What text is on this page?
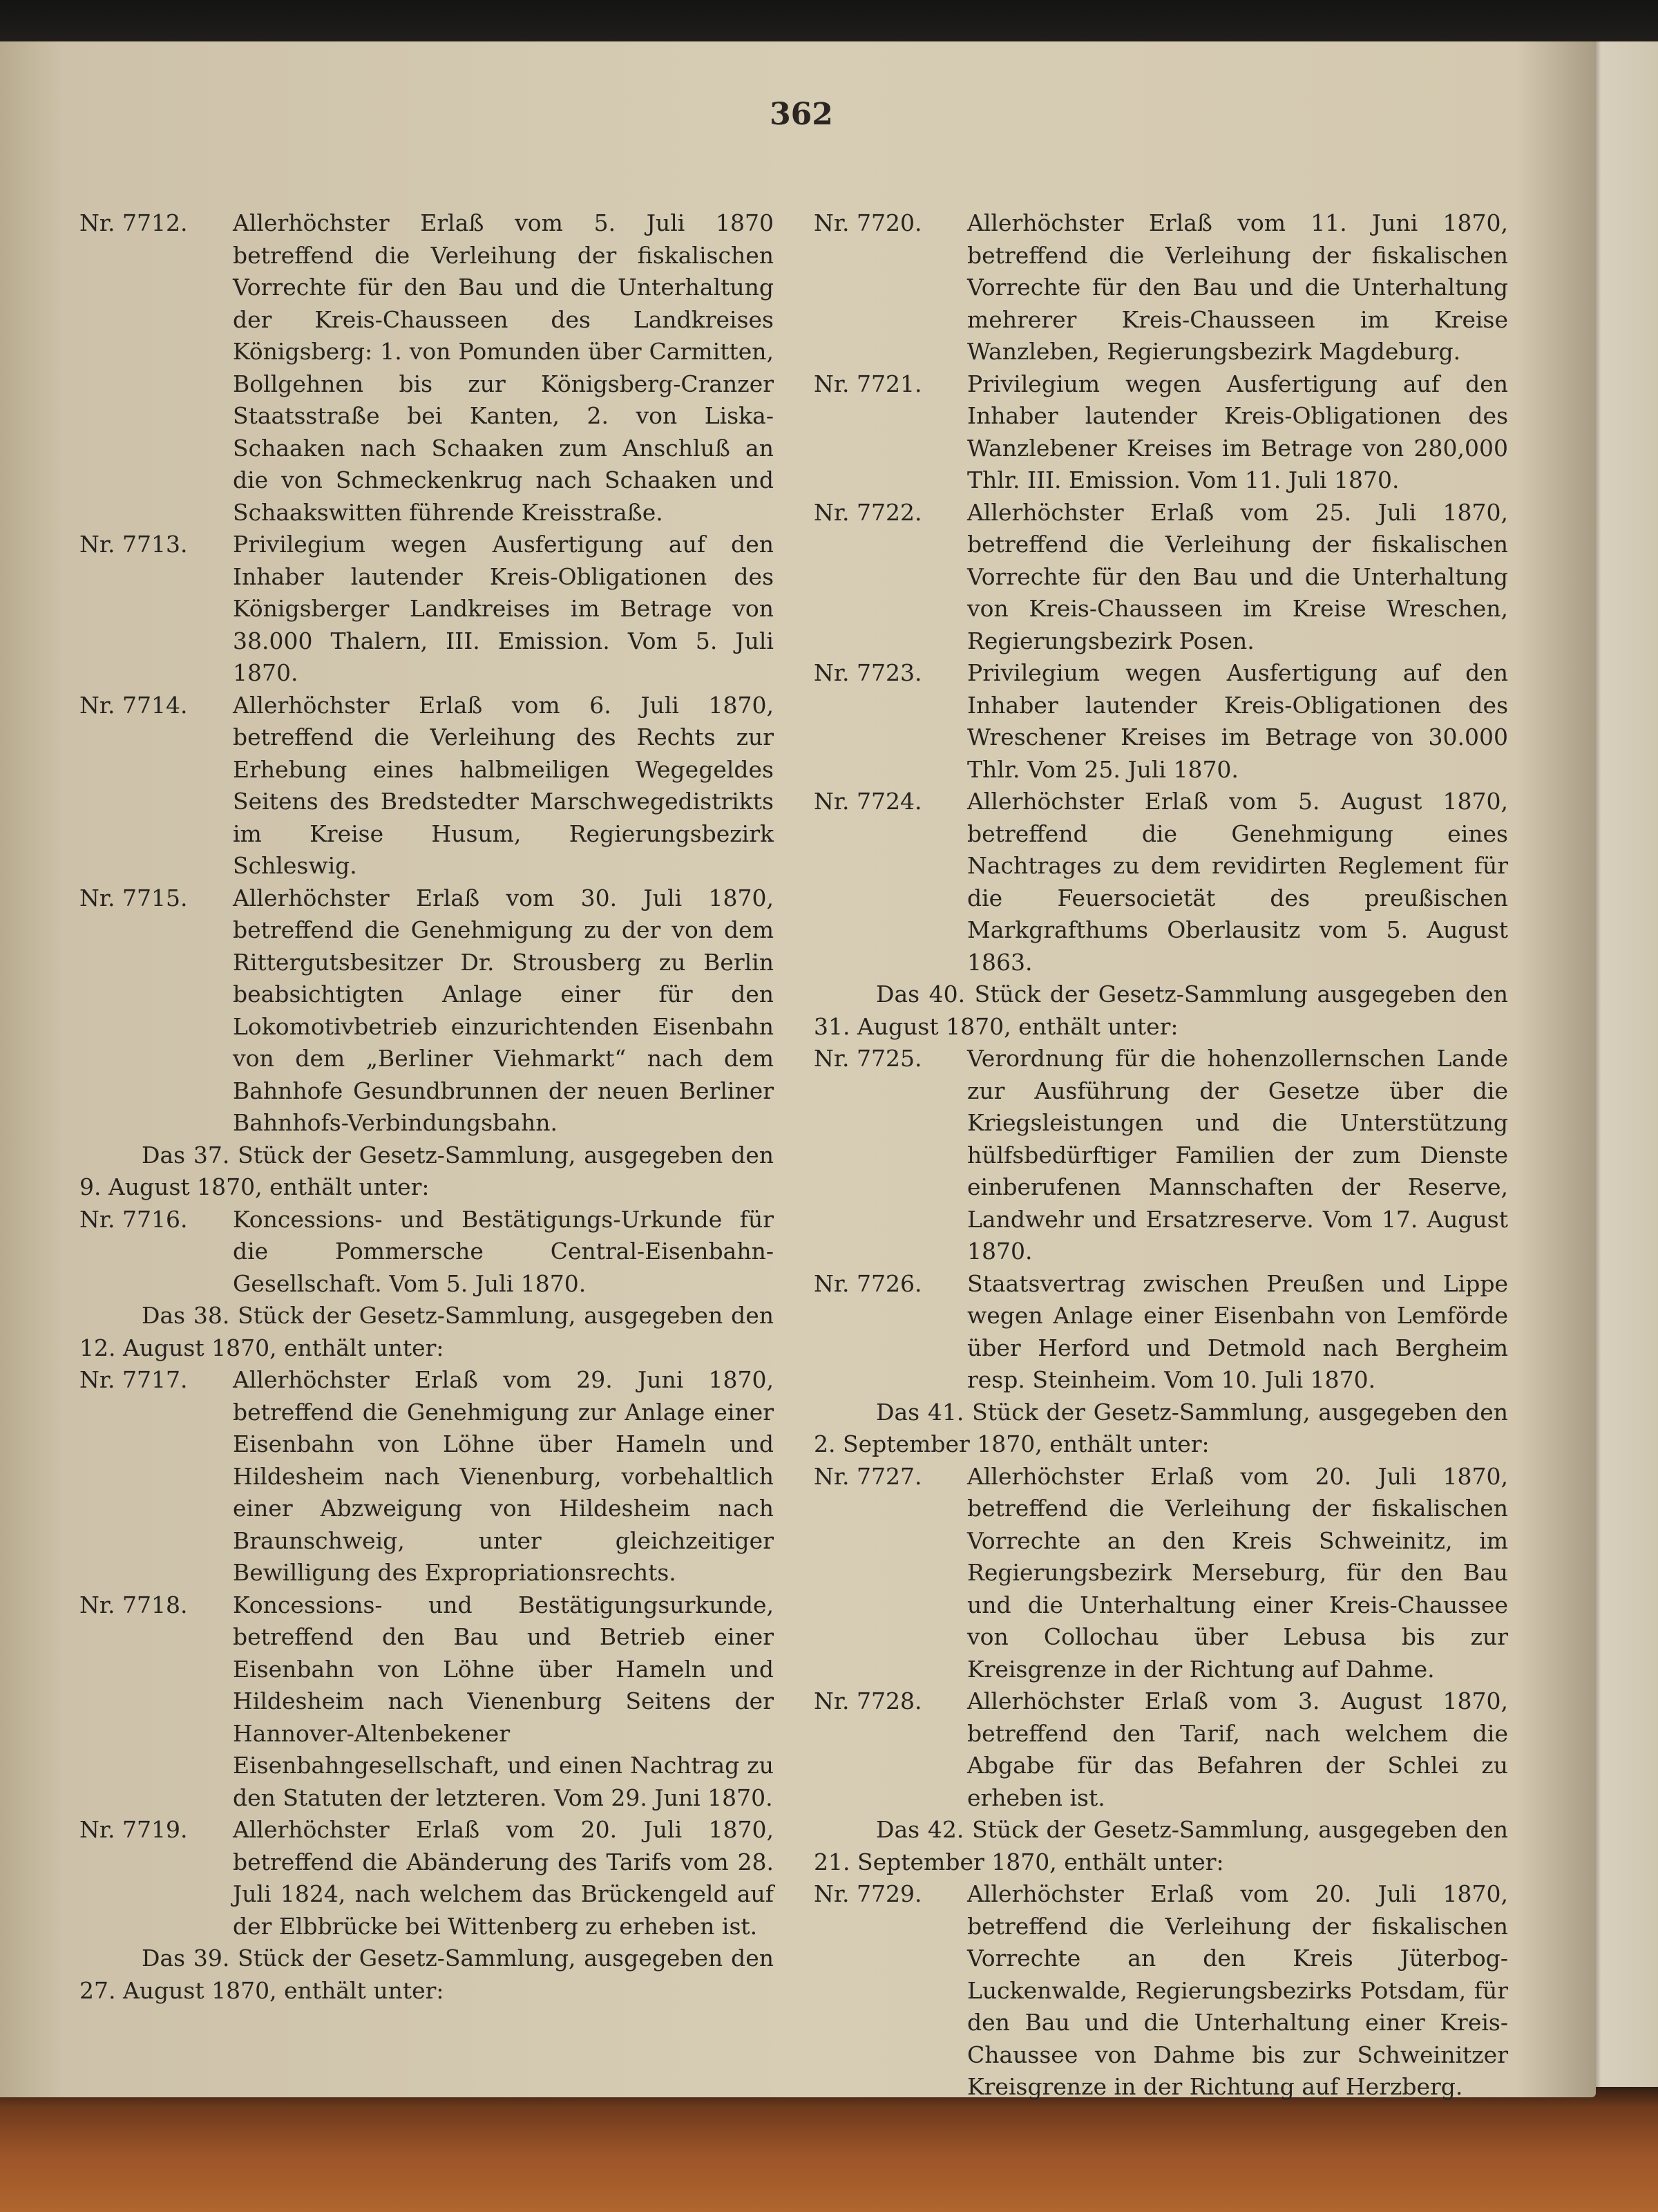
362
Nr. 7712. Allerhöchster Erlaß vom 5. Juli 1870 betreffend die Verleihung der fiskalischen Vorrechte für den Bau und die Unterhaltung der Kreis-Chausseen des Landkreises Königsberg: 1. von Pomunden über Carmitten, Bollgehnen bis zur Königsberg-Cranzer Staatsstraße bei Kanten, 2. von Liska-Schaaken nach Schaaken zum Anschluß an die von Schmeckenkrug nach Schaaken und Schaakswitten führende Kreisstraße.
Nr. 7713. Privilegium wegen Ausfertigung auf den Inhaber lautender Kreis-Obligationen des Königsberger Landkreises im Betrage von 38.000 Thalern, III. Emission. Vom 5. Juli 1870.
Nr. 7714. Allerhöchster Erlaß vom 6. Juli 1870, betreffend die Verleihung des Rechts zur Erhebung eines halbmeiligen Wegegeldes Seitens des Bredstedter Marschwegedistrikts im Kreise Husum, Regierungsbezirk Schleswig.
Nr. 7715. Allerhöchster Erlaß vom 30. Juli 1870, betreffend die Genehmigung zu der von dem Rittergutsbesitzer Dr. Strousberg zu Berlin beabsichtigten Anlage einer für den Lokomotivbetrieb einzurichtenden Eisenbahn von dem „Berliner Viehmarkt“ nach dem Bahnhofe Gesundbrunnen der neuen Berliner Bahnhofs-Verbindungsbahn.
Das 37. Stück der Gesetz-Sammlung, ausgegeben den 9. August 1870, enthält unter:
Nr. 7716. Koncessions- und Bestätigungs-Urkunde für die Pommersche Central-Eisenbahn-Gesellschaft. Vom 5. Juli 1870.
Das 38. Stück der Gesetz-Sammlung, ausgegeben den 12. August 1870, enthält unter:
Nr. 7717. Allerhöchster Erlaß vom 29. Juni 1870, betreffend die Genehmigung zur Anlage einer Eisenbahn von Löhne über Hameln und Hildesheim nach Vienenburg, vorbehaltlich einer Abzweigung von Hildesheim nach Braunschweig, unter gleichzeitiger Bewilligung des Expropriationsrechts.
Nr. 7718. Koncessions- und Bestätigungsurkunde, betreffend den Bau und Betrieb einer Eisenbahn von Löhne über Hameln und Hildesheim nach Vienenburg Seitens der Hannover-Altenbekener Eisenbahngesellschaft, und einen Nachtrag zu den Statuten der letzteren. Vom 29. Juni 1870.
Nr. 7719. Allerhöchster Erlaß vom 20. Juli 1870, betreffend die Abänderung des Tarifs vom 28. Juli 1824, nach welchem das Brückengeld auf der Elbbrücke bei Wittenberg zu erheben ist.
Das 39. Stück der Gesetz-Sammlung, ausgegeben den 27. August 1870, enthält unter:
Nr. 7720. Allerhöchster Erlaß vom 11. Juni 1870, betreffend die Verleihung der fiskalischen Vorrechte für den Bau und die Unterhaltung mehrerer Kreis-Chausseen im Kreise Wanzleben, Regierungsbezirk Magdeburg.
Nr. 7721. Privilegium wegen Ausfertigung auf den Inhaber lautender Kreis-Obligationen des Wanzlebener Kreises im Betrage von 280,000 Thlr. III. Emission. Vom 11. Juli 1870.
Nr. 7722. Allerhöchster Erlaß vom 25. Juli 1870, betreffend die Verleihung der fiskalischen Vorrechte für den Bau und die Unterhaltung von Kreis-Chausseen im Kreise Wreschen, Regierungsbezirk Posen.
Nr. 7723. Privilegium wegen Ausfertigung auf den Inhaber lautender Kreis-Obligationen des Wreschener Kreises im Betrage von 30.000 Thlr. Vom 25. Juli 1870.
Nr. 7724. Allerhöchster Erlaß vom 5. August 1870, betreffend die Genehmigung eines Nachtrages zu dem revidirten Reglement für die Feuersocietät des preußischen Markgrafthums Oberlausitz vom 5. August 1863.
Das 40. Stück der Gesetz-Sammlung ausgegeben den 31. August 1870, enthält unter:
Nr. 7725. Verordnung für die hohenzollernschen Lande zur Ausführung der Gesetze über die Kriegsleistungen und die Unterstützung hülfsbedürftiger Familien der zum Dienste einberufenen Mannschaften der Reserve, Landwehr und Ersatzreserve. Vom 17. August 1870.
Nr. 7726. Staatsvertrag zwischen Preußen und Lippe wegen Anlage einer Eisenbahn von Lemförde über Herford und Detmold nach Bergheim resp. Steinheim. Vom 10. Juli 1870.
Das 41. Stück der Gesetz-Sammlung, ausgegeben den 2. September 1870, enthält unter:
Nr. 7727. Allerhöchster Erlaß vom 20. Juli 1870, betreffend die Verleihung der fiskalischen Vorrechte an den Kreis Schweinitz, im Regierungsbezirk Merseburg, für den Bau und die Unterhaltung einer Kreis-Chaussee von Collochau über Lebusa bis zur Kreisgrenze in der Richtung auf Dahme.
Nr. 7728. Allerhöchster Erlaß vom 3. August 1870, betreffend den Tarif, nach welchem die Abgabe für das Befahren der Schlei zu erheben ist.
Das 42. Stück der Gesetz-Sammlung, ausgegeben den 21. September 1870, enthält unter:
Nr. 7729. Allerhöchster Erlaß vom 20. Juli 1870, betreffend die Verleihung der fiskalischen Vorrechte an den Kreis Jüterbog-Luckenwalde, Regierungsbezirks Potsdam, für den Bau und die Unterhaltung einer Kreis-Chaussee von Dahme bis zur Schweinitzer Kreisgrenze in der Richtung auf Herzberg.
